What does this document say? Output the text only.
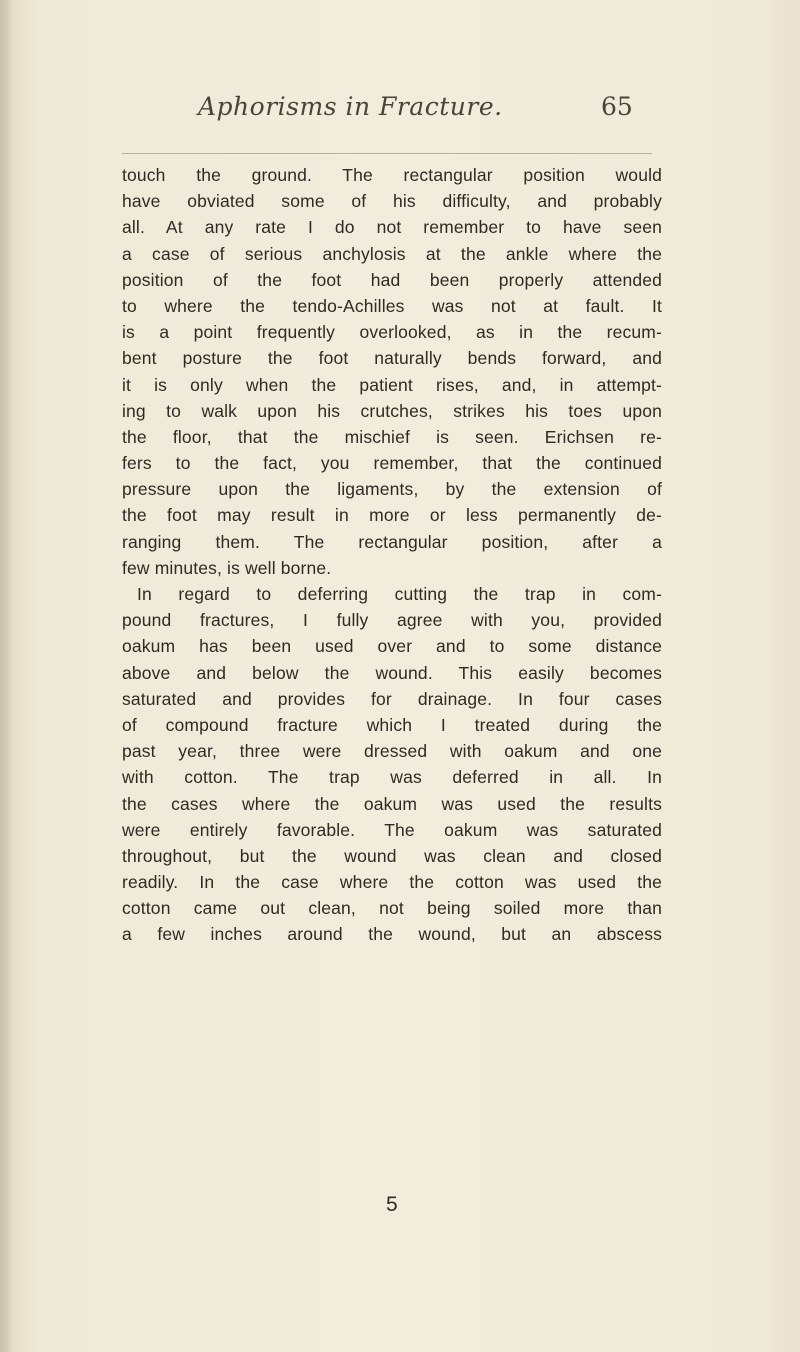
Aphorisms in Fracture.	65
touch the ground. The rectangular position would
have obviated some of his difficulty, and probably
all. At any rate I do not remember to have seen
a case of serious anchylosis at the ankle where the
position of the foot had been properly attended
to where the tendo-Achilles was not at fault. It
is a point frequently overlooked, as in the recum-
bent posture the foot naturally bends forward, and
it is only when the patient rises, and, in attempt-
ing to walk upon his crutches, strikes his toes upon
the floor, that the mischief is seen. Erichsen re-
fers to the fact, you remember, that the continued
pressure upon the ligaments, by the extension of
the foot may result in more or less permanently de-
ranging them. The rectangular position, after a
few minutes, is well borne.
In regard to deferring cutting the trap in com-
pound fractures, I fully agree with you, provided
oakum has been used over and to some distance
above and below the wound. This easily becomes
saturated and provides for drainage. In four cases
of compound fracture which I treated during the
past year, three were dressed with oakum and one
with cotton. The trap was deferred in all. In
the cases where the oakum was used the results
were entirely favorable. The oakum was saturated
throughout, but the wound was clean and closed
readily. In the case where the cotton was used the
cotton came out clean, not being soiled more than
a few inches around the wound, but an abscess
5
